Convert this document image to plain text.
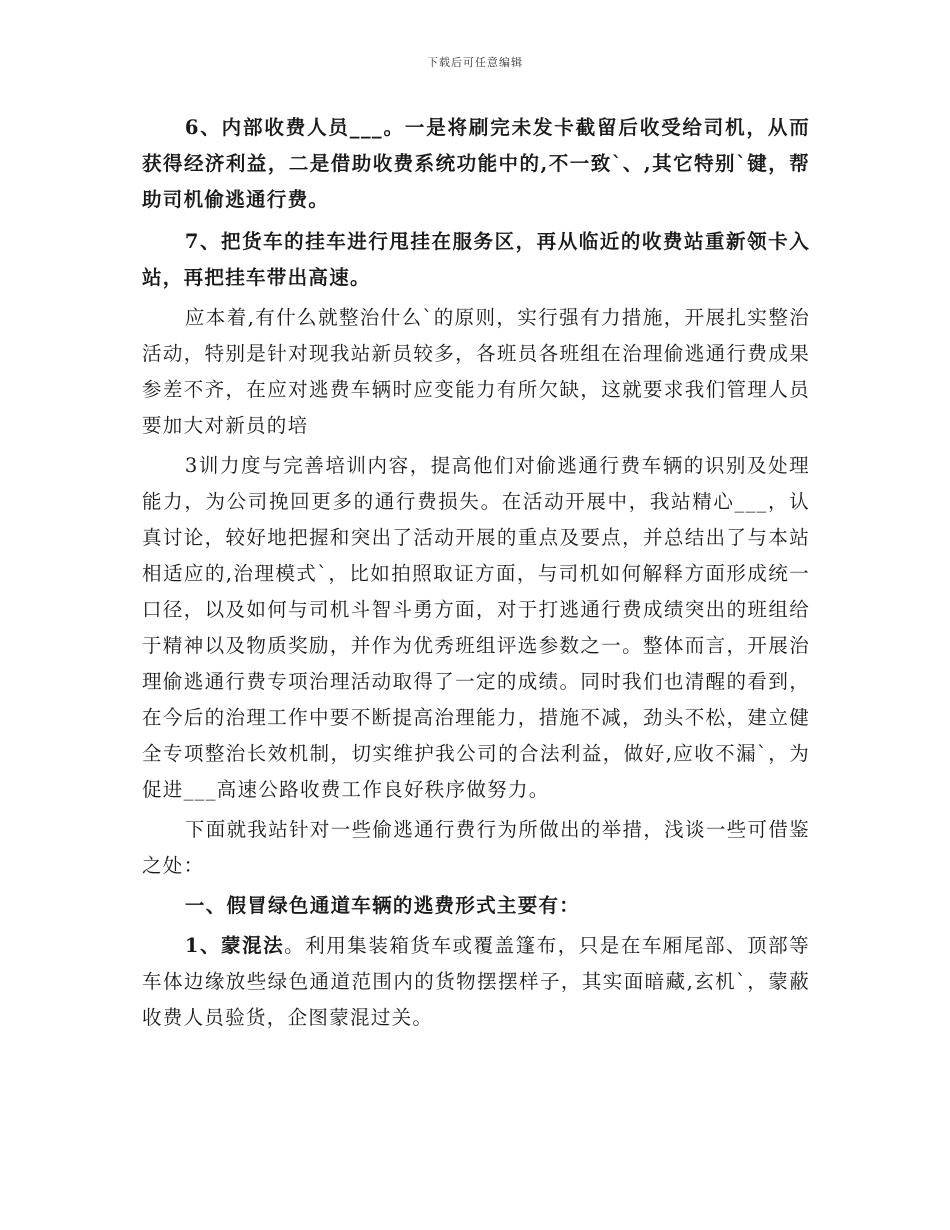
下载后可任意编辑

6、内部收费人员___。一是将刷完未发卡截留后收受给司机，从而获得经济利益，二是借助收费系统功能中的,不一致`、,其它特别`键，帮助司机偷逃通行费。

7、把货车的挂车进行甩挂在服务区，再从临近的收费站重新领卡入站，再把挂车带出高速。

应本着,有什么就整治什么`的原则，实行强有力措施，开展扎实整治活动，特别是针对现我站新员较多，各班员各班组在治理偷逃通行费成果参差不齐，在应对逃费车辆时应变能力有所欠缺，这就要求我们管理人员要加大对新员的培

3训力度与完善培训内容，提高他们对偷逃通行费车辆的识别及处理能力，为公司挽回更多的通行费损失。在活动开展中，我站精心___，认真讨论，较好地把握和突出了活动开展的重点及要点，并总结出了与本站相适应的,治理模式`，比如拍照取证方面，与司机如何解释方面形成统一口径，以及如何与司机斗智斗勇方面，对于打逃通行费成绩突出的班组给于精神以及物质奖励，并作为优秀班组评选参数之一。整体而言，开展治理偷逃通行费专项治理活动取得了一定的成绩。同时我们也清醒的看到，在今后的治理工作中要不断提高治理能力，措施不减，劲头不松，建立健全专项整治长效机制，切实维护我公司的合法利益，做好,应收不漏`，为促进___高速公路收费工作良好秩序做努力。

下面就我站针对一些偷逃通行费行为所做出的举措，浅谈一些可借鉴之处：

一、假冒绿色通道车辆的逃费形式主要有：

1、蒙混法。利用集装箱货车或覆盖篷布，只是在车厢尾部、顶部等车体边缘放些绿色通道范围内的货物摆摆样子，其实面暗藏,玄机`，蒙蔽收费人员验货，企图蒙混过关。
